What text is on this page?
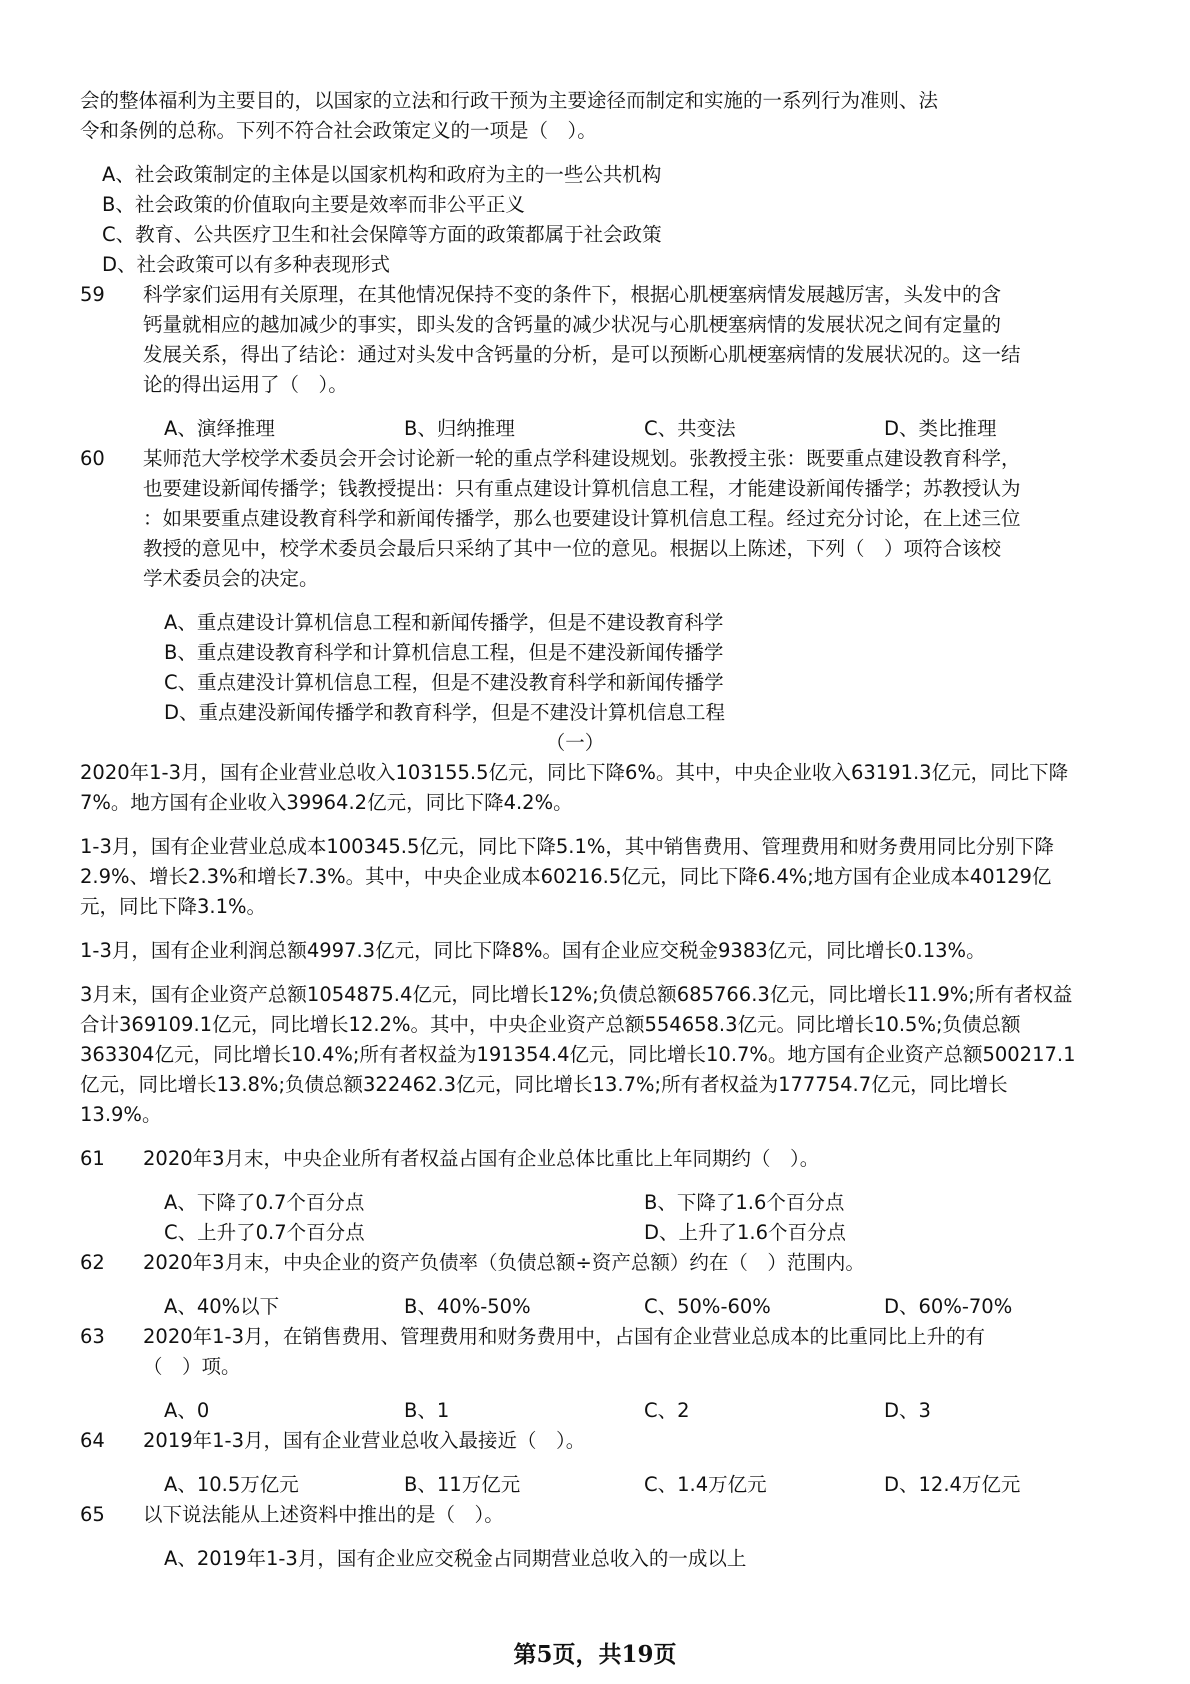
会的整体福利为主要目的，以国家的立法和行政干预为主要途径而制定和实施的一系列行为准则、法

令和条例的总称。下列不符合社会政策定义的一项是（　）。

A、社会政策制定的主体是以国家机构和政府为主的一些公共机构

B、社会政策的价值取向主要是效率而非公平正义

C、教育、公共医疗卫生和社会保障等方面的政策都属于社会政策

D、社会政策可以有多种表现形式

59	科学家们运用有关原理，在其他情况保持不变的条件下，根据心肌梗塞病情发展越厉害，头发中的含
钙量就相应的越加减少的事实，即头发的含钙量的减少状况与心肌梗塞病情的发展状况之间有定量的
发展关系，得出了结论：通过对头发中含钙量的分析，是可以预断心肌梗塞病情的发展状况的。这一结
论的得出运用了（　）。
A、演绎推理	B、归纳推理	C、共变法	D、类比推理
60	某师范大学校学术委员会开会讨论新一轮的重点学科建设规划。张教授主张：既要重点建设教育科学，
也要建设新闻传播学；钱教授提出：只有重点建设计算机信息工程，才能建设新闻传播学；苏教授认为
：如果要重点建设教育科学和新闻传播学，那么也要建设计算机信息工程。经过充分讨论，在上述三位
教授的意见中，校学术委员会最后只采纳了其中一位的意见。根据以上陈述，下列（　）项符合该校
学术委员会的决定。

A、重点建设计算机信息工程和新闻传播学，但是不建设教育科学

B、重点建设教育科学和计算机信息工程，但是不建没新闻传播学

C、重点建没计算机信息工程，但是不建没教育科学和新闻传播学

D、重点建没新闻传播学和教育科学，但是不建没计算机信息工程

（一）

2020年1-3月，国有企业营业总收入103155.5亿元，同比下降6%。其中，中央企业收入63191.3亿元，同比下降
7%。地方国有企业收入39964.2亿元，同比下降4.2%。
1-3月，国有企业营业总成本100345.5亿元，同比下降5.1%，其中销售费用、管理费用和财务费用同比分别下降
2.9%、增长2.3%和增长7.3%。其中，中央企业成本60216.5亿元，同比下降6.4%;地方国有企业成本40129亿
元，同比下降3.1%。
1-3月，国有企业利润总额4997.3亿元，同比下降8%。国有企业应交税金9383亿元，同比增长0.13%。
3月末，国有企业资产总额1054875.4亿元，同比增长12%;负债总额685766.3亿元，同比增长11.9%;所有者权益
合计369109.1亿元，同比增长12.2%。其中，中央企业资产总额554658.3亿元。同比增长10.5%;负债总额
363304亿元，同比增长10.4%;所有者权益为191354.4亿元，同比增长10.7%。地方国有企业资产总额500217.1
亿元，同比增长13.8%;负债总额322462.3亿元，同比增长13.7%;所有者权益为177754.7亿元，同比增长
13.9%。
61	2020年3月末，中央企业所有者权益占国有企业总体比重比上年同期约（　）。
A、下降了0.7个百分点	B、下降了1.6个百分点
C、上升了0.7个百分点	D、上升了1.6个百分点
62	2020年3月末，中央企业的资产负债率（负债总额÷资产总额）约在（　）范围内。
A、40%以下	B、40%-50%	C、50%-60%	D、60%-70%
63	2020年1-3月，在销售费用、管理费用和财务费用中，占国有企业营业总成本的比重同比上升的有
（　）项。
A、0	B、1	C、2	D、3
64	2019年1-3月，国有企业营业总收入最接近（　）。
A、10.5万亿元	B、11万亿元	C、1.4万亿元	D、12.4万亿元
65	以下说法能从上述资料中推出的是（　）。

A、2019年1-3月，国有企业应交税金占同期营业总收入的一成以上

第5页，共19页
